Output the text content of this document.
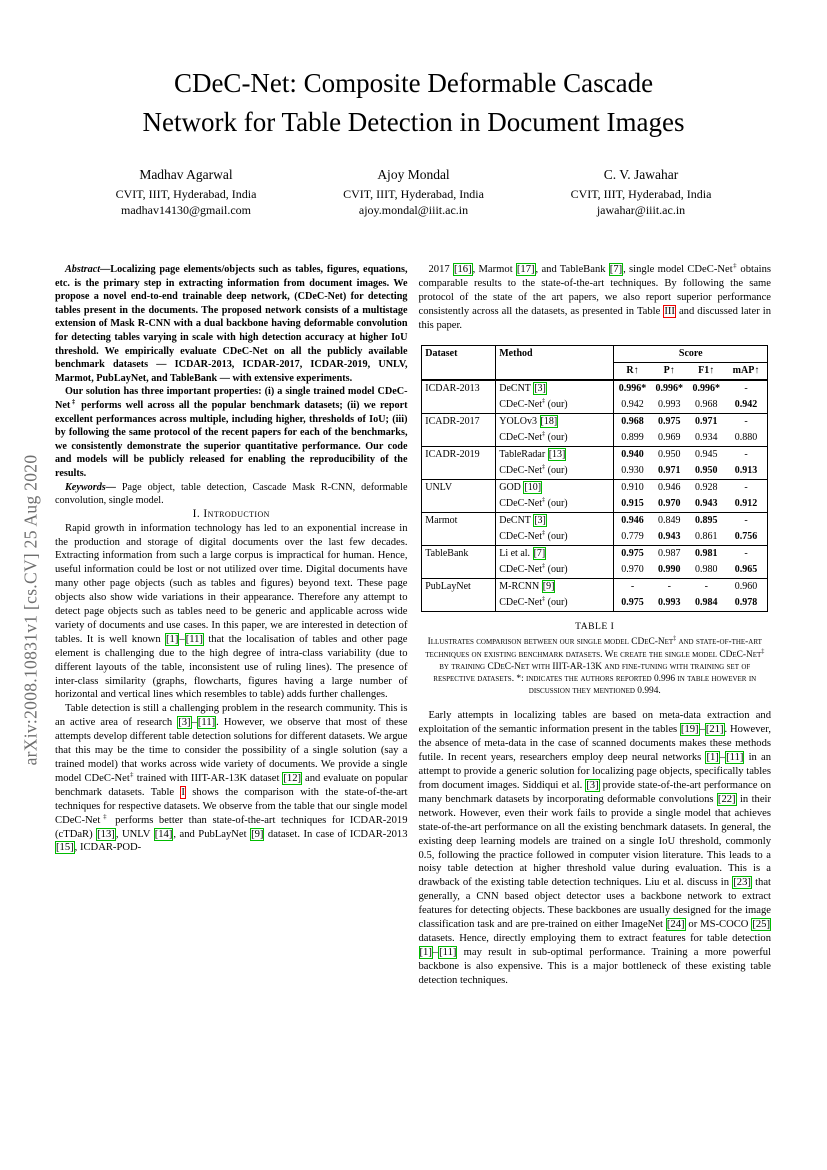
arXiv:2008.10831v1 [cs.CV] 25 Aug 2020
CDeC-Net: Composite Deformable Cascade
Network for Table Detection in Document Images
Madhav Agarwal
CVIT, IIIT, Hyderabad, India
madhav14130@gmail.com
Ajoy Mondal
CVIT, IIIT, Hyderabad, India
ajoy.mondal@iiit.ac.in
C. V. Jawahar
CVIT, IIIT, Hyderabad, India
jawahar@iiit.ac.in

Abstract—Localizing page elements/objects such as tables, figures, equations, etc. is the primary step in extracting information from document images. We propose a novel end-to-end trainable deep network, (CDeC-Net) for detecting tables present in the documents. The proposed network consists of a multistage extension of Mask R-CNN with a dual backbone having deformable convolution for detecting tables varying in scale with high detection accuracy at higher IoU threshold. We empirically evaluate CDeC-Net on all the publicly available benchmark datasets — ICDAR-2013, ICDAR-2017, ICDAR-2019, UNLV, Marmot, PubLayNet, and TableBank — with extensive experiments.

Our solution has three important properties: (i) a single trained model CDeC-Net‡ performs well across all the popular benchmark datasets; (ii) we report excellent performances across multiple, including higher, thresholds of IoU; (iii) by following the same protocol of the recent papers for each of the benchmarks, we consistently demonstrate the superior quantitative performance. Our code and models will be publicly released for enabling the reproducibility of the results.

Keywords— Page object, table detection, Cascade Mask R-CNN, deformable convolution, single model.

I. Introduction

Rapid growth in information technology has led to an exponential increase in the production and storage of digital documents over the last few decades. Extracting information from such a large corpus is impractical for human. Hence, useful information could be lost or not utilized over time. Digital documents have many other page objects (such as tables and figures) beyond text. These page objects also show wide variations in their appearance. Therefore any attempt to detect page objects such as tables need to be generic and applicable across wide variety of documents and use cases. In this paper, we are interested in detection of tables. It is well known [1]–[11] that the localisation of tables and other page element is challenging due to the high degree of intra-class variability (due to different layouts of the table, inconsistent use of ruling lines). The presence of inter-class similarity (graphs, flowcharts, figures having a large number of horizontal and vertical lines which resembles to table) adds further challenges.

Table detection is still a challenging problem in the research community. This is an active area of research [3]–[11]. However, we observe that most of these attempts develop different table detection solutions for different datasets. We argue that this may be the time to consider the possibility of a single solution (say a trained model) that works across wide variety of documents. We provide a single model CDeC-Net‡ trained with IIIT-AR-13K dataset [12] and evaluate on popular benchmark datasets. Table I shows the comparison with the state-of-the-art techniques for respective datasets. We observe from the table that our single model CDeC-Net‡ performs better than state-of-the-art techniques for ICDAR-2019 (cTDaR) [13], UNLV [14], and PubLayNet [9] dataset. In case of ICDAR-2013 [15], ICDAR-POD-

2017 [16], Marmot [17], and TableBank [7], single model CDeC-Net‡ obtains comparable results to the state-of-the-art techniques. By following the same protocol of the state of the art papers, we also report superior performance consistently across all the datasets, as presented in Table III and discussed later in this paper.

Dataset	Method	Score			
		R↑	P↑	F1↑	mAP↑
ICDAR-2013	DeCNT [3]	0.996*	0.996*	0.996*	-
	CDeC-Net‡ (our)	0.942	0.993	0.968	0.942
ICADR-2017	YOLOv3 [18]	0.968	0.975	0.971	-
	CDeC-Net‡ (our)	0.899	0.969	0.934	0.880
ICADR-2019	TableRadar [13]	0.940	0.950	0.945	-
	CDeC-Net‡ (our)	0.930	0.971	0.950	0.913
UNLV	GOD [10]	0.910	0.946	0.928	-
	CDeC-Net‡ (our)	0.915	0.970	0.943	0.912
Marmot	DeCNT [3]	0.946	0.849	0.895	-
	CDeC-Net‡ (our)	0.779	0.943	0.861	0.756
TableBank	Li et al. [7]	0.975	0.987	0.981	-
	CDeC-Net‡ (our)	0.970	0.990	0.980	0.965
PubLayNet	M-RCNN [9]	-	-	-	0.960
	CDeC-Net‡ (our)	0.975	0.993	0.984	0.978
TABLE I
Illustrates comparison between our single model CDeC-Net‡ and state-of-the-art techniques on existing benchmark datasets. We create the single model CDeC-Net‡ by training CDeC-Net with IIIT-AR-13K and fine-tuning with training set of respective datasets. *: indicates the authors reported 0.996 in table however in discussion they mentioned 0.994.

Early attempts in localizing tables are based on meta-data extraction and exploitation of the semantic information present in the tables [19]–[21]. However, the absence of meta-data in the case of scanned documents makes these methods futile. In recent years, researchers employ deep neural networks [1]–[11] in an attempt to provide a generic solution for localizing page objects, specifically tables from document images. Siddiqui et al. [3] provide state-of-the-art performance on many benchmark datasets by incorporating deformable convolutions [22] in their network. However, even their work fails to provide a single model that achieves state-of-the-art performance on all the existing benchmark datasets. In general, the existing deep learning models are trained on a single IoU threshold, commonly 0.5, following the practice followed in computer vision literature. This leads to a noisy table detection at higher threshold value during evaluation. This is a drawback of the existing table detection techniques. Liu et al. discuss in [23] that generally, a CNN based object detector uses a backbone network to extract features for detecting objects. These backbones are usually designed for the image classification task and are pre-trained on either ImageNet [24] or MS-COCO [25] datasets. Hence, directly employing them to extract features for table detection [1]–[11] may result in sub-optimal performance. Training a more powerful backbone is also expensive. This is a major bottleneck of these existing table detection techniques.
